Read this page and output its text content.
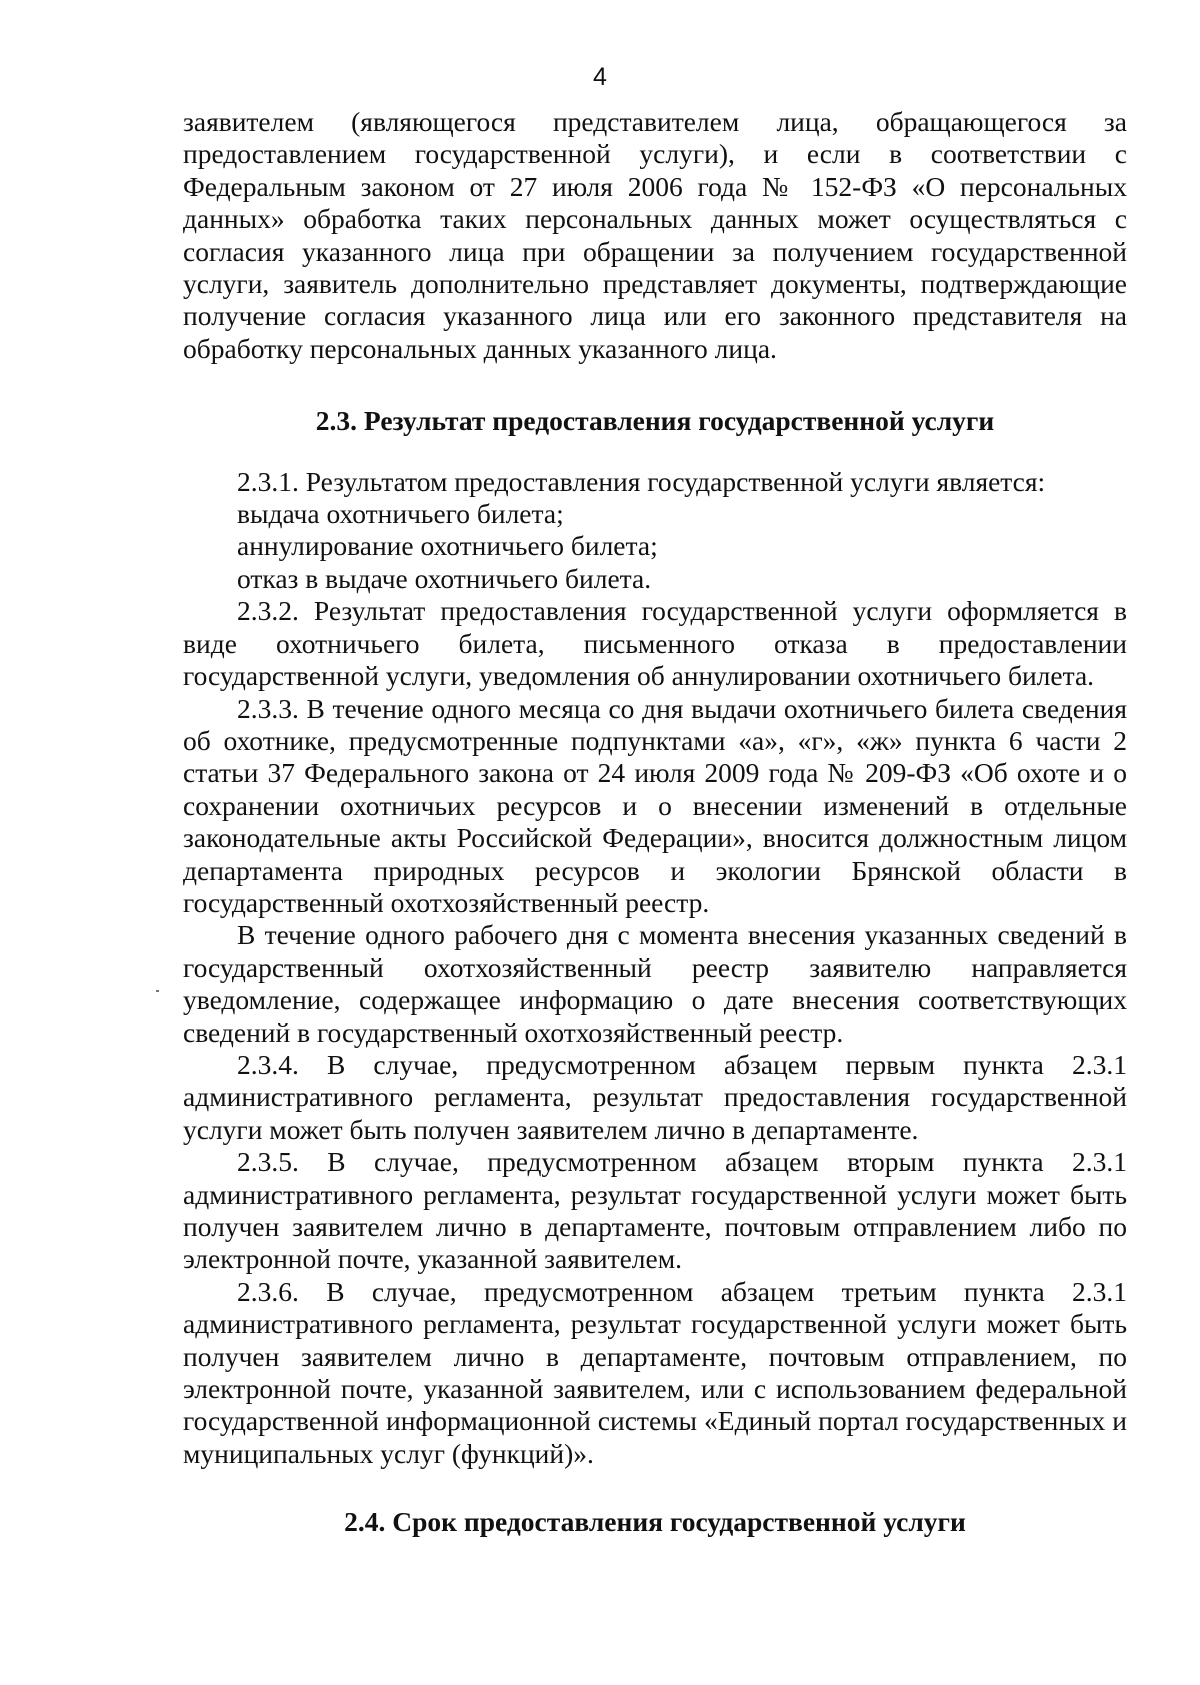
4

заявителем (являющегося представителем лица, обращающегося за предоставлением государственной услуги), и если в соответствии с Федеральным законом от 27 июля 2006 года № 152-ФЗ «О персональных данных» обработка таких персональных данных может осуществляться с согласия указанного лица при обращении за получением государственной услуги, заявитель дополнительно представляет документы, подтверждающие получение согласия указанного лица или его законного представителя на обработку персональных данных указанного лица.

2.3. Результат предоставления государственной услуги

2.3.1. Результатом предоставления государственной услуги является:

выдача охотничьего билета;

аннулирование охотничьего билета;

отказ в выдаче охотничьего билета.

2.3.2. Результат предоставления государственной услуги оформляется в виде охотничьего билета, письменного отказа в предоставлении государственной услуги, уведомления об аннулировании охотничьего билета.

2.3.3. В течение одного месяца со дня выдачи охотничьего билета сведения об охотнике, предусмотренные подпунктами «а», «г», «ж» пункта 6 части 2 статьи 37 Федерального закона от 24 июля 2009 года № 209-ФЗ «Об охоте и о сохранении охотничьих ресурсов и о внесении изменений в отдельные законодательные акты Российской Федерации», вносится должностным лицом департамента природных ресурсов и экологии Брянской области в государственный охотхозяйственный реестр.

В течение одного рабочего дня с момента внесения указанных сведений в государственный охотхозяйственный реестр заявителю направляется уведомление, содержащее информацию о дате внесения соответствующих сведений в государственный охотхозяйственный реестр.

2.3.4. В случае, предусмотренном абзацем первым пункта 2.3.1 административного регламента, результат предоставления государственной услуги может быть получен заявителем лично в департаменте.

2.3.5. В случае, предусмотренном абзацем вторым пункта 2.3.1 административного регламента, результат государственной услуги может быть получен заявителем лично в департаменте, почтовым отправлением либо по электронной почте, указанной заявителем.

2.3.6. В случае, предусмотренном абзацем третьим пункта 2.3.1 административного регламента, результат государственной услуги может быть получен заявителем лично в департаменте, почтовым отправлением, по электронной почте, указанной заявителем, или с использованием федеральной государственной информационной системы «Единый портал государственных и муниципальных услуг (функций)».

2.4. Срок предоставления государственной услуги
